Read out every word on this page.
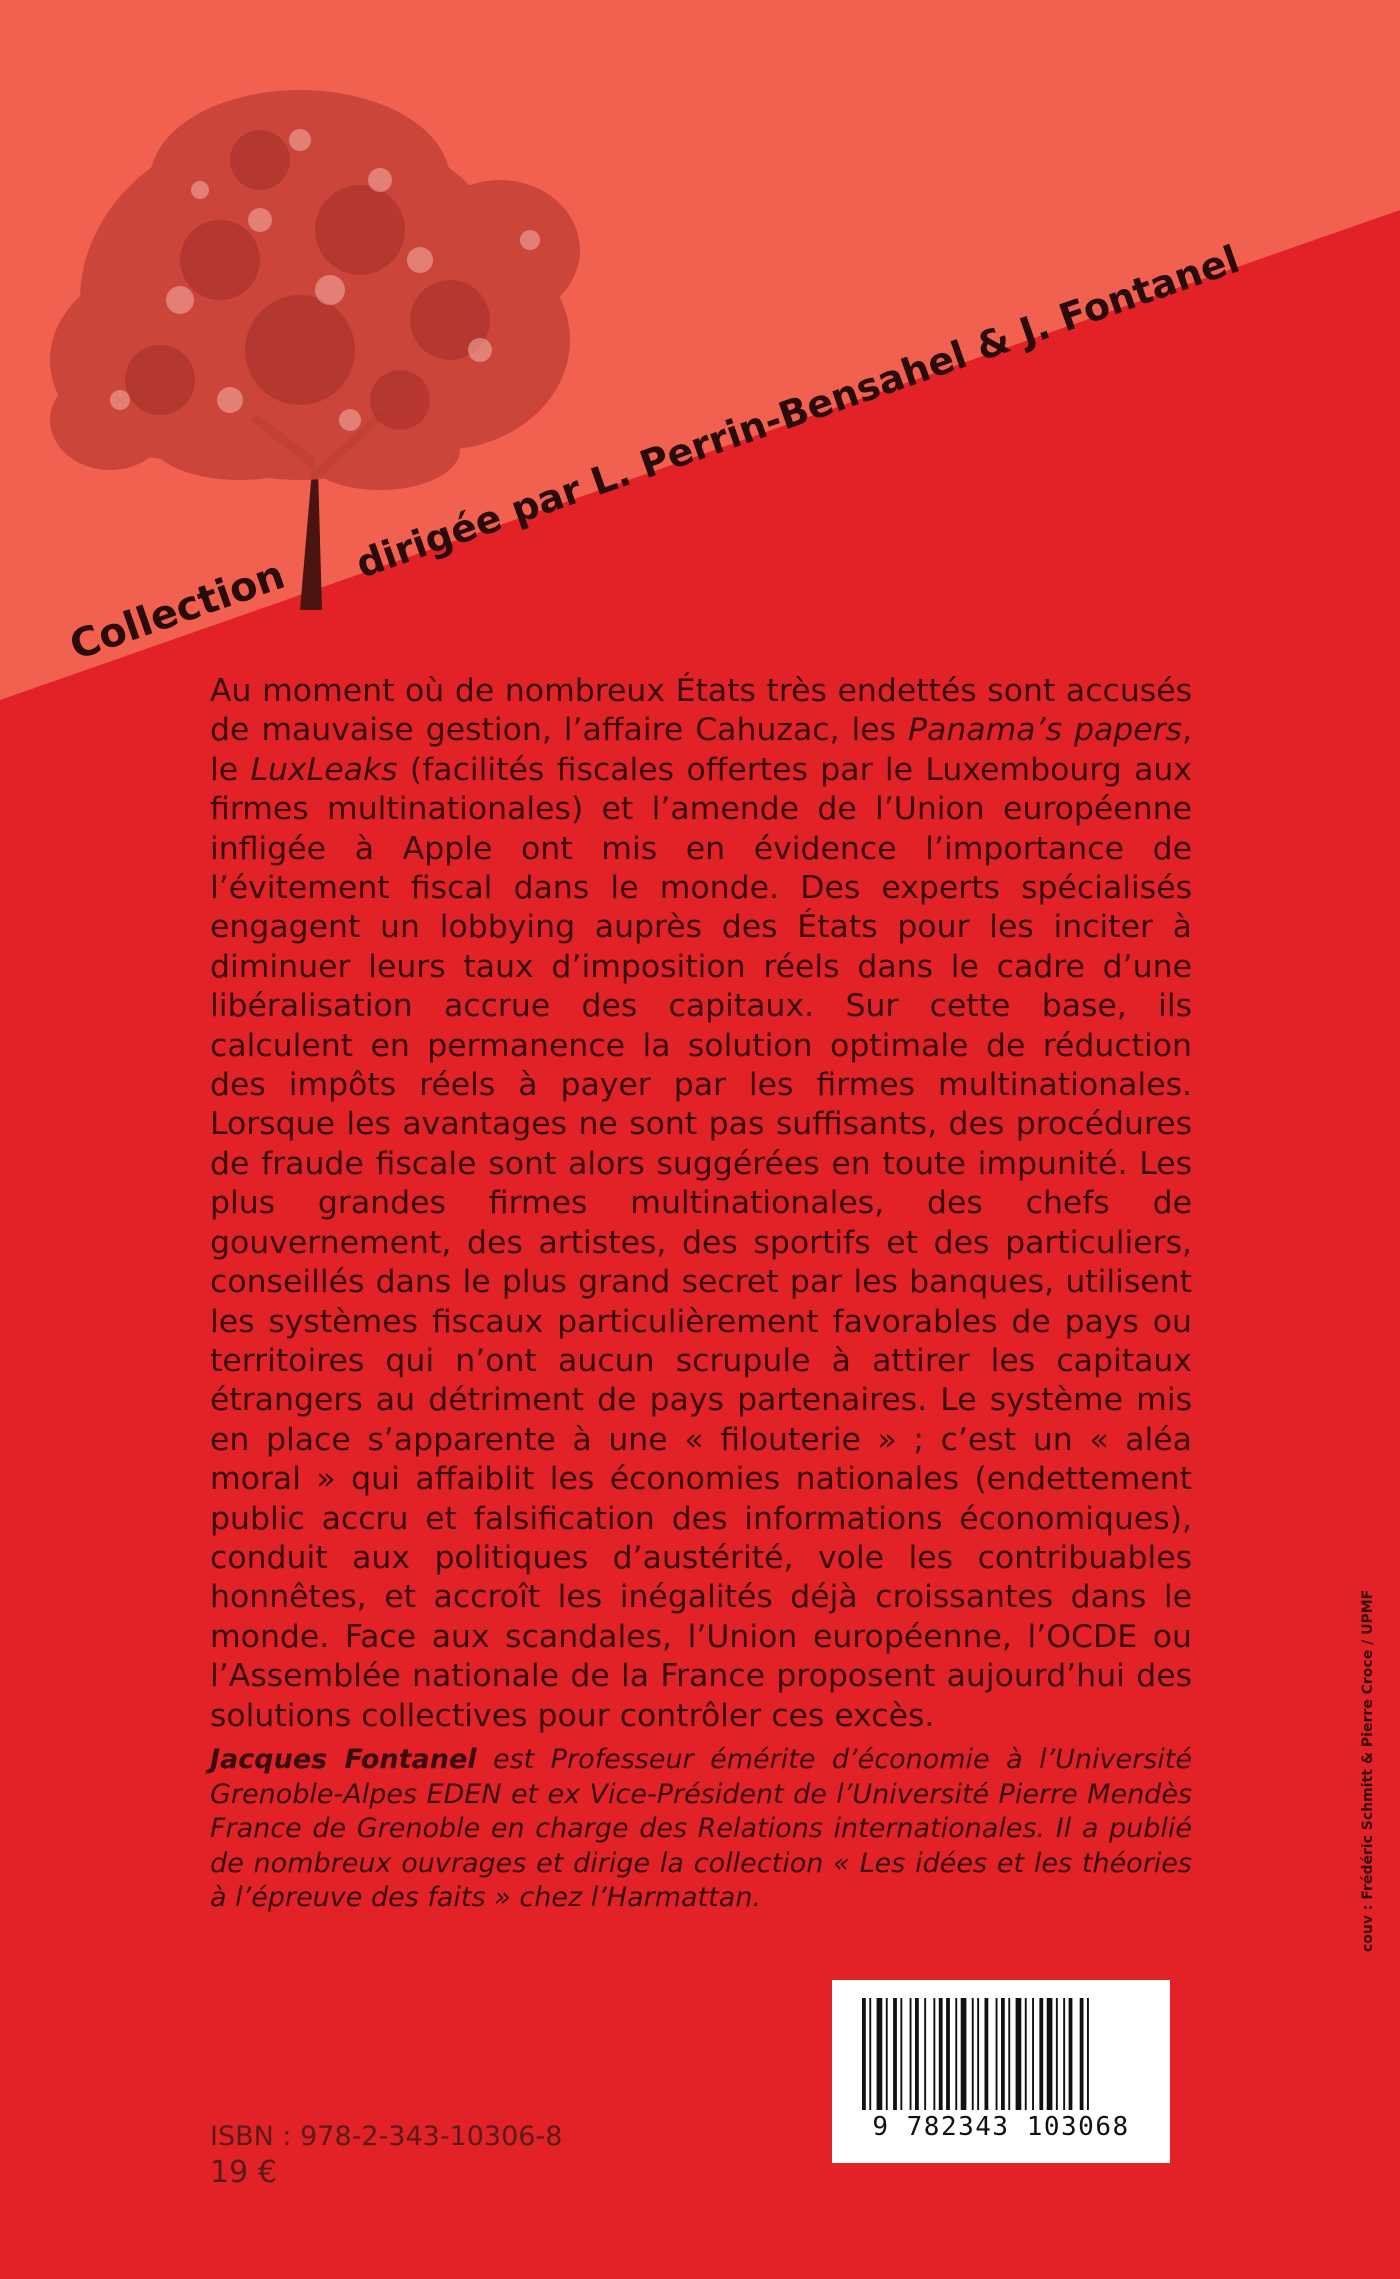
Collection
dirigée par L. Perrin-Bensahel & J. Fontanel

Au moment où de nombreux États très endettés sont accusés de mauvaise gestion, l’affaire Cahuzac, les Panama’s papers, le LuxLeaks (facilités fiscales offertes par le Luxembourg aux firmes multinationales) et l’amende de l’Union européenne infligée à Apple ont mis en évidence l’importance de l’évitement fiscal dans le monde. Des experts spécialisés engagent un lobbying auprès des États pour les inciter à diminuer leurs taux d’imposition réels dans le cadre d’une libéralisation accrue des capitaux. Sur cette base, ils calculent en permanence la solution optimale de réduction des impôts réels à payer par les firmes multinationales. Lorsque les avantages ne sont pas suffisants, des procédures de fraude fiscale sont alors suggérées en toute impunité. Les plus grandes firmes multinationales, des chefs de gouvernement, des artistes, des sportifs et des particuliers, conseillés dans le plus grand secret par les banques, utilisent les systèmes fiscaux particulièrement favorables de pays ou territoires qui n’ont aucun scrupule à attirer les capitaux étrangers au détriment de pays partenaires. Le système mis en place s’apparente à une « filouterie » ; c’est un « aléa moral » qui affaiblit les économies nationales (endettement public accru et falsification des informations économiques), conduit aux politiques d’austérité, vole les contribuables honnêtes, et accroît les inégalités déjà croissantes dans le monde. Face aux scandales, l’Union européenne, l’OCDE ou l’Assemblée nationale de la France proposent aujourd’hui des solutions collectives pour contrôler ces excès.

Jacques Fontanel est Professeur émérite d’économie à l’Université Grenoble-Alpes EDEN et ex Vice-Président de l’Université Pierre Mendès France de Grenoble en charge des Relations internationales. Il a publié de nombreux ouvrages et dirige la collection « Les idées et les théories à l’épreuve des faits » chez l’Harmattan.	couv : Frédéric Schmitt & Pierre Croce / UPMF
ISBN : 978-2-343-10306-8
19 €
9 782343 103068
